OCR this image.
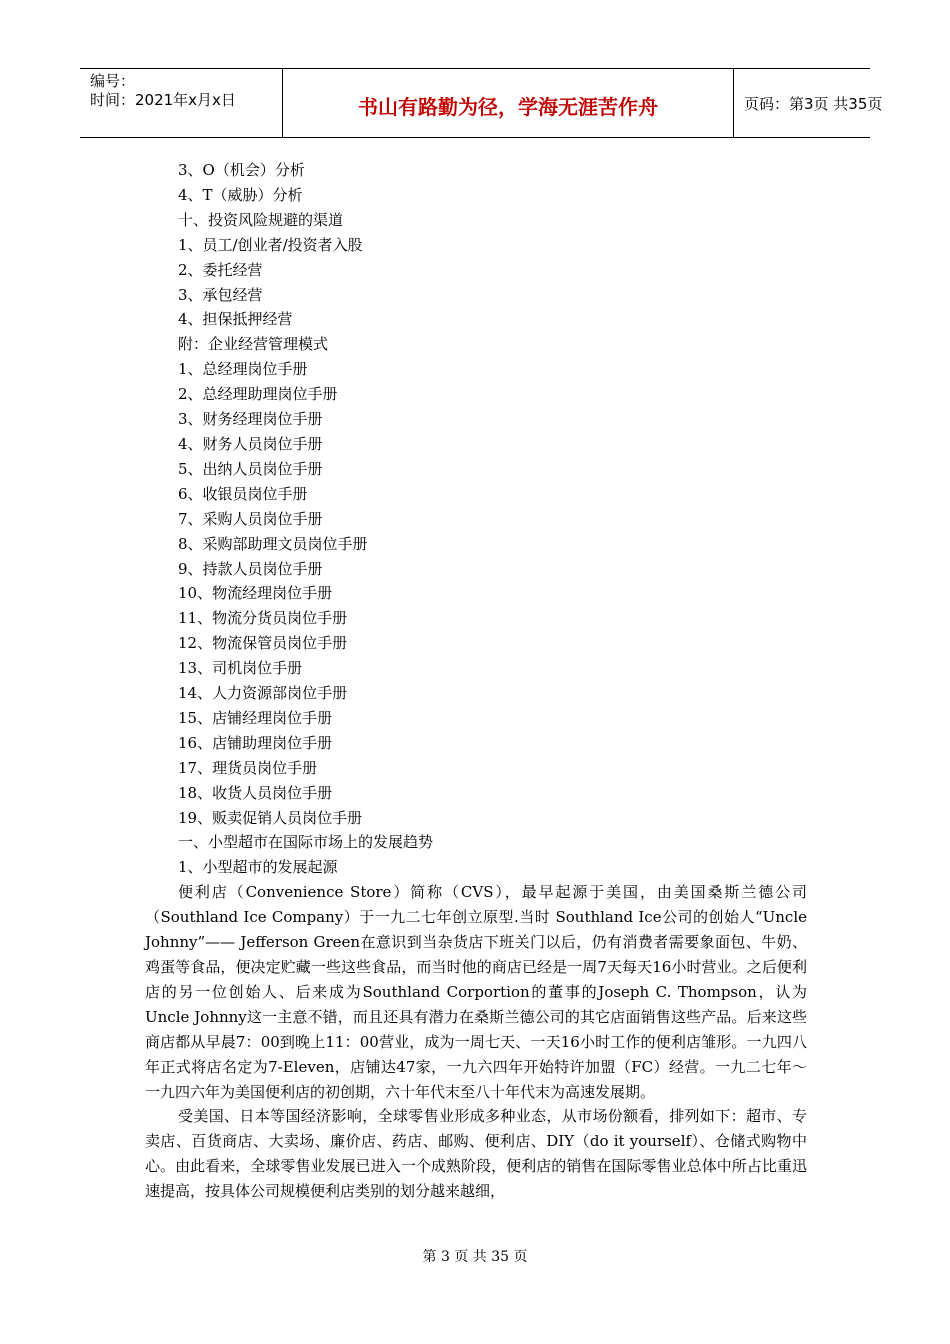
编号：
时间：2021年x月x日	书山有路勤为径，学海无涯苦作舟	页码：第3页 共35页
3、O（机会）分析
4、T（威胁）分析
十、投资风险规避的渠道
1、员工/创业者/投资者入股
2、委托经营
3、承包经营
4、担保抵押经营
附：企业经营管理模式
1、总经理岗位手册
2、总经理助理岗位手册
3、财务经理岗位手册
4、财务人员岗位手册
5、出纳人员岗位手册
6、收银员岗位手册
7、采购人员岗位手册
8、采购部助理文员岗位手册
9、持款人员岗位手册
10、物流经理岗位手册
11、物流分货员岗位手册
12、物流保管员岗位手册
13、司机岗位手册
14、人力资源部岗位手册
15、店铺经理岗位手册
16、店铺助理岗位手册
17、理货员岗位手册
18、收货人员岗位手册
19、贩卖促销人员岗位手册
一、小型超市在国际市场上的发展趋势
1、小型超市的发展起源

便利店（Convenience Store）简称（CVS），最早起源于美国，由美国桑斯兰德公司（Southland Ice Company）于一九二七年创立原型.当时 Southland Ice公司的创始人“Uncle Johnny”—— Jefferson Green在意识到当杂货店下班关门以后，仍有消费者需要象面包、牛奶、鸡蛋等食品，便决定贮藏一些这些食品，而当时他的商店已经是一周7天每天16小时营业。之后便利店的另一位创始人、后来成为Southland Corportion的董事的Joseph C. Thompson，认为Uncle Johnny这一主意不错，而且还具有潜力在桑斯兰德公司的其它店面销售这些产品。后来这些商店都从早晨7：00到晚上11：00营业，成为一周七天、一天16小时工作的便利店雏形。一九四八年正式将店名定为7-Eleven，店铺达47家，一九六四年开始特许加盟（FC）经营。一九二七年～一九四六年为美国便利店的初创期，六十年代末至八十年代末为高速发展期。

受美国、日本等国经济影响，全球零售业形成多种业态，从市场份额看，排列如下：超市、专卖店、百货商店、大卖场、廉价店、药店、邮购、便利店、DIY（do it yourself）、仓储式购物中心。由此看来，全球零售业发展已进入一个成熟阶段，便利店的销售在国际零售业总体中所占比重迅速提高，按具体公司规模便利店类别的划分越来越细，

第 3 页 共 35 页
